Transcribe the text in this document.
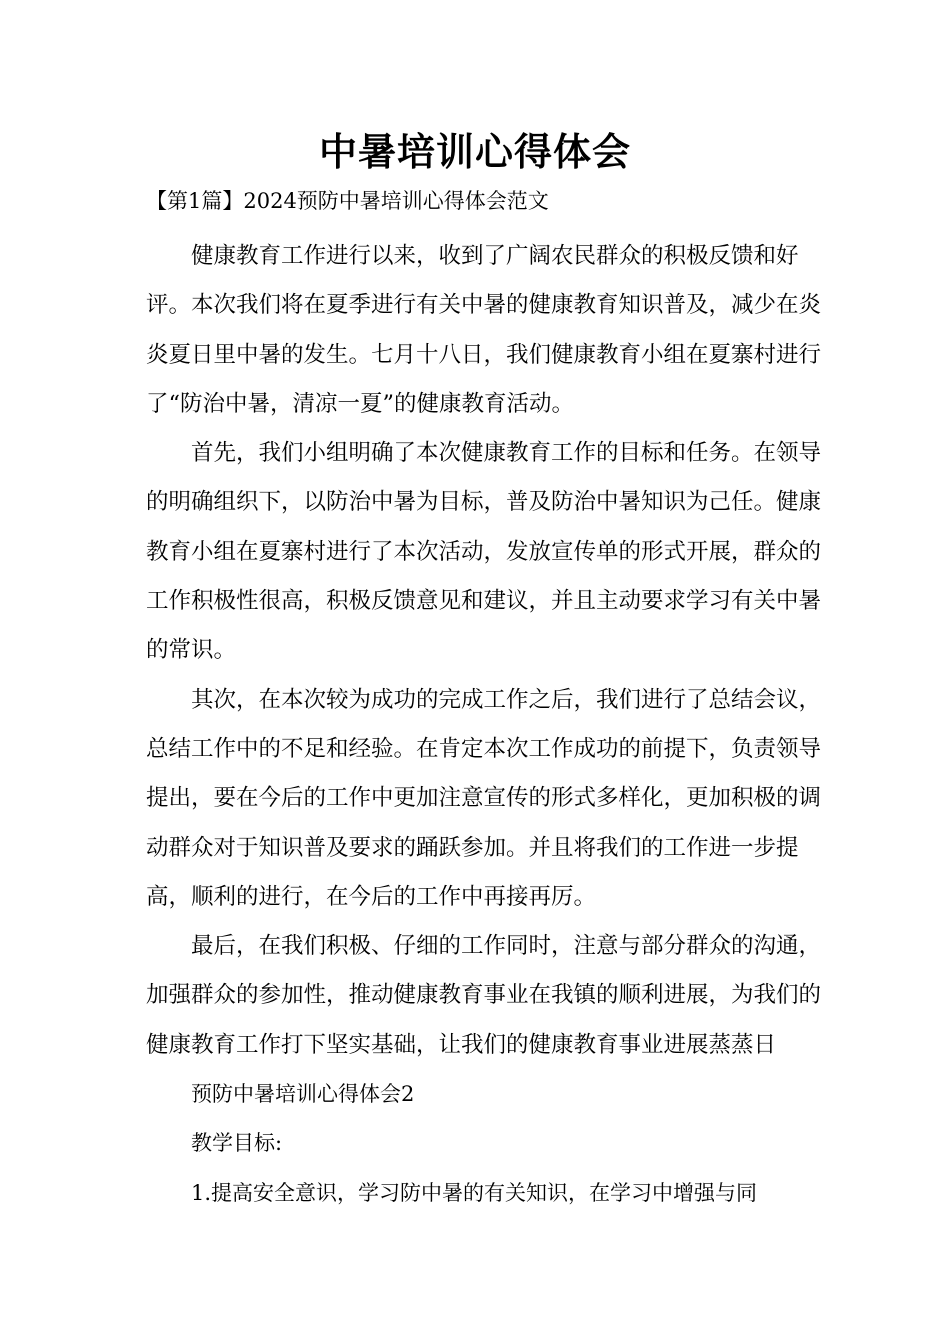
中暑培训心得体会
【第1篇】2024预防中暑培训心得体会范文

健康教育工作进行以来，收到了广阔农民群众的积极反馈和好评。本次我们将在夏季进行有关中暑的健康教育知识普及，减少在炎炎夏日里中暑的发生。七月十八日，我们健康教育小组在夏寨村进行了“防治中暑，清凉一夏”的健康教育活动。

首先，我们小组明确了本次健康教育工作的目标和任务。在领导的明确组织下，以防治中暑为目标，普及防治中暑知识为己任。健康教育小组在夏寨村进行了本次活动，发放宣传单的形式开展，群众的工作积极性很高，积极反馈意见和建议，并且主动要求学习有关中暑的常识。

其次，在本次较为成功的完成工作之后，我们进行了总结会议，总结工作中的不足和经验。在肯定本次工作成功的前提下，负责领导提出，要在今后的工作中更加注意宣传的形式多样化，更加积极的调动群众对于知识普及要求的踊跃参加。并且将我们的工作进一步提高，顺利的进行，在今后的工作中再接再厉。

最后，在我们积极、仔细的工作同时，注意与部分群众的沟通，加强群众的参加性，推动健康教育事业在我镇的顺利进展，为我们的健康教育工作打下坚实基础，让我们的健康教育事业进展蒸蒸日

预防中暑培训心得体会2

教学目标:

1.提高安全意识，学习防中暑的有关知识，在学习中增强与同
